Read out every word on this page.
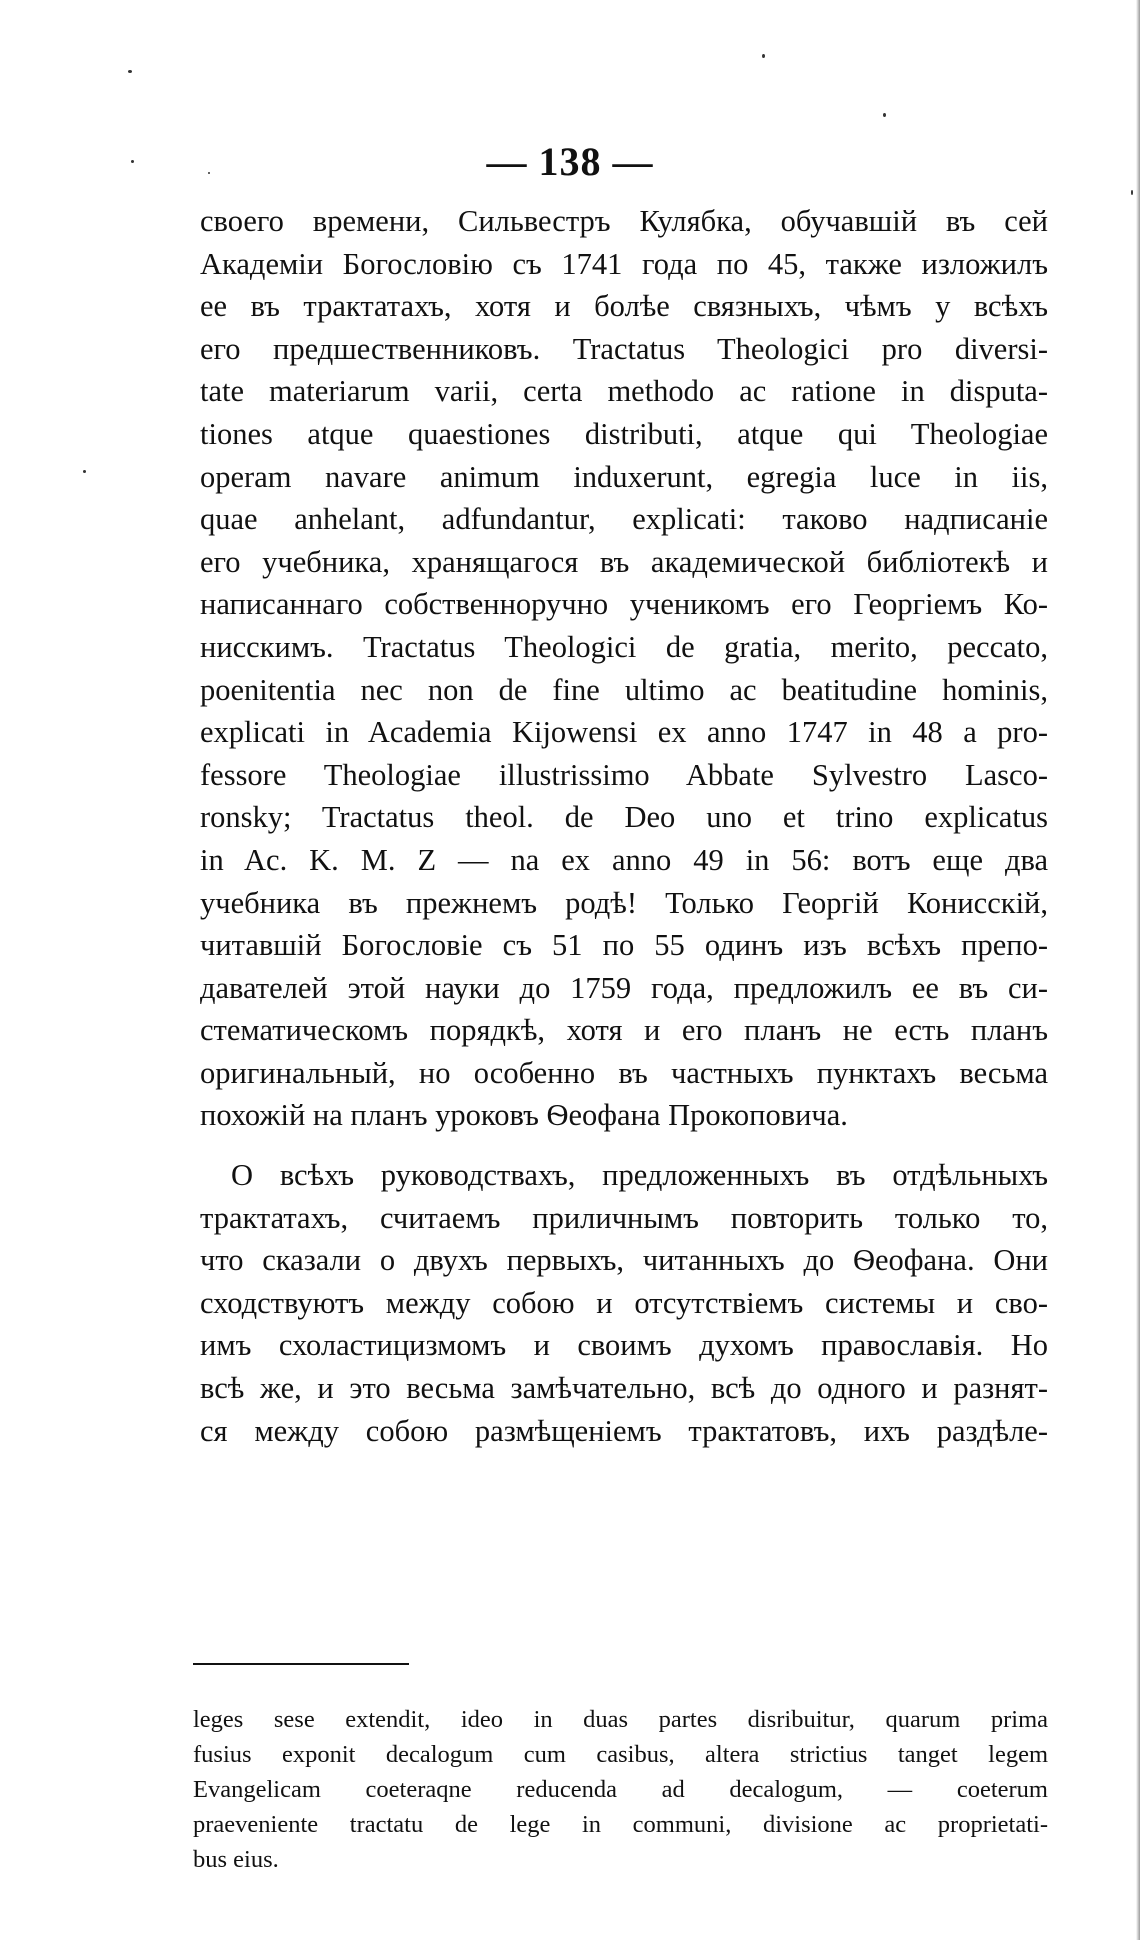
— 138 —
своего времени, Сильвестръ Кулябка, обучавшій въ сей
Академіи Богословію съ 1741 года по 45, также изложилъ
ее въ трактатахъ, хотя и болѣе связныхъ, чѣмъ у всѣхъ
его предшественниковъ. Tractatus Theologici pro diversi-
tate materiarum varii, certa methodo ac ratione in disputa-
tiones atque quaestiones distributi, atque qui Theologiae
operam navare animum induxerunt, egregia luce in iis,
quae anhelant, adfundantur, explicati: таково надписаніе
его учебника, хранящагося въ академической библіотекѣ и
написаннаго собственноручно ученикомъ его Георгіемъ Ко-
нисскимъ. Tractatus Theologici de gratia, merito, peccato,
poenitentia nec non de fine ultimo ac beatitudine hominis,
explicati in Academia Kijowensi ex anno 1747 in 48 a pro-
fessore Theologiae illustrissimo Abbate Sylvestro Lasco-
ronsky; Tractatus theol. de Deo uno et trino explicatus
in Ac. K. M. Z — na ex anno 49 in 56: вотъ еще два
учебника въ прежнемъ родѣ! Только Георгій Конисскій,
читавшій Богословіе съ 51 по 55 одинъ изъ всѣхъ препо-
давателей этой науки до 1759 года, предложилъ ее въ си-
стематическомъ порядкѣ, хотя и его планъ не есть планъ
оригинальный, но особенно въ частныхъ пунктахъ весьма
похожій на планъ уроковъ Ѳеофана Прокоповича.
О всѣхъ руководствахъ, предложенныхъ въ отдѣльныхъ
трактатахъ, считаемъ приличнымъ повторить только то,
что сказали о двухъ первыхъ, читанныхъ до Ѳеофана. Они
сходствуютъ между собою и отсутствіемъ системы и сво-
имъ схоластицизмомъ и своимъ духомъ православія. Но
всѣ же, и это весьма замѣчательно, всѣ до одного и разнят-
ся между собою размѣщеніемъ трактатовъ, ихъ раздѣле-
leges sese extendit, ideo in duas partes disribuitur, quarum prima
fusius exponit decalogum cum casibus, altera strictius tanget legem
Evangelicam coeteraqne reducenda ad decalogum, — coeterum
praeveniente tractatu de lege in communi, divisione ac proprietati-
bus eius.
